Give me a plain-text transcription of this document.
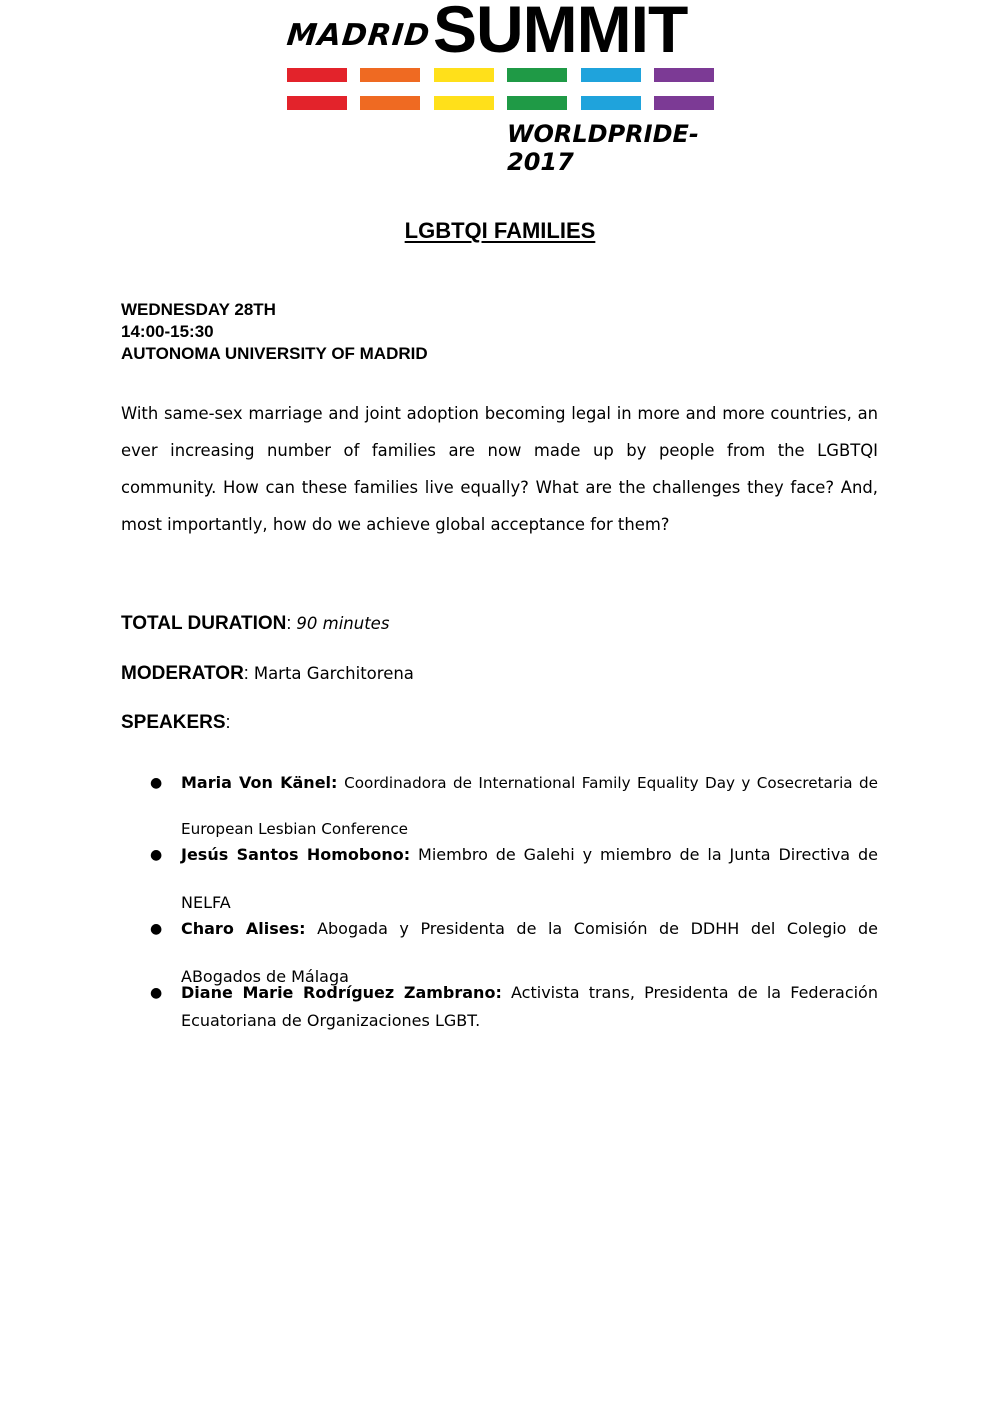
MADRID SUMMIT
WORLDPRIDE-2017
LGBTQI FAMILIES
WEDNESDAY 28TH
14:00-15:30
AUTONOMA UNIVERSITY OF MADRID

With same-sex marriage and joint adoption becoming legal in more and more countries, an ever increasing number of families are now made up by people from the LGBTQI community. How can these families live equally? What are the challenges they face? And, most importantly, how do we achieve global acceptance for them?

TOTAL DURATION: 90 minutes
MODERATOR: Marta Garchitorena
SPEAKERS:
● Maria Von Känel: Coordinadora de International Family Equality Day y Cosecretaria de European Lesbian Conference
● Jesús Santos Homobono: Miembro de Galehi y miembro de la Junta Directiva de NELFA
● Charo Alises: Abogada y Presidenta de la Comisión de DDHH del Colegio de ABogados de Málaga
● Diane Marie Rodríguez Zambrano: Activista trans, Presidenta de la Federación Ecuatoriana de Organizaciones LGBT.
